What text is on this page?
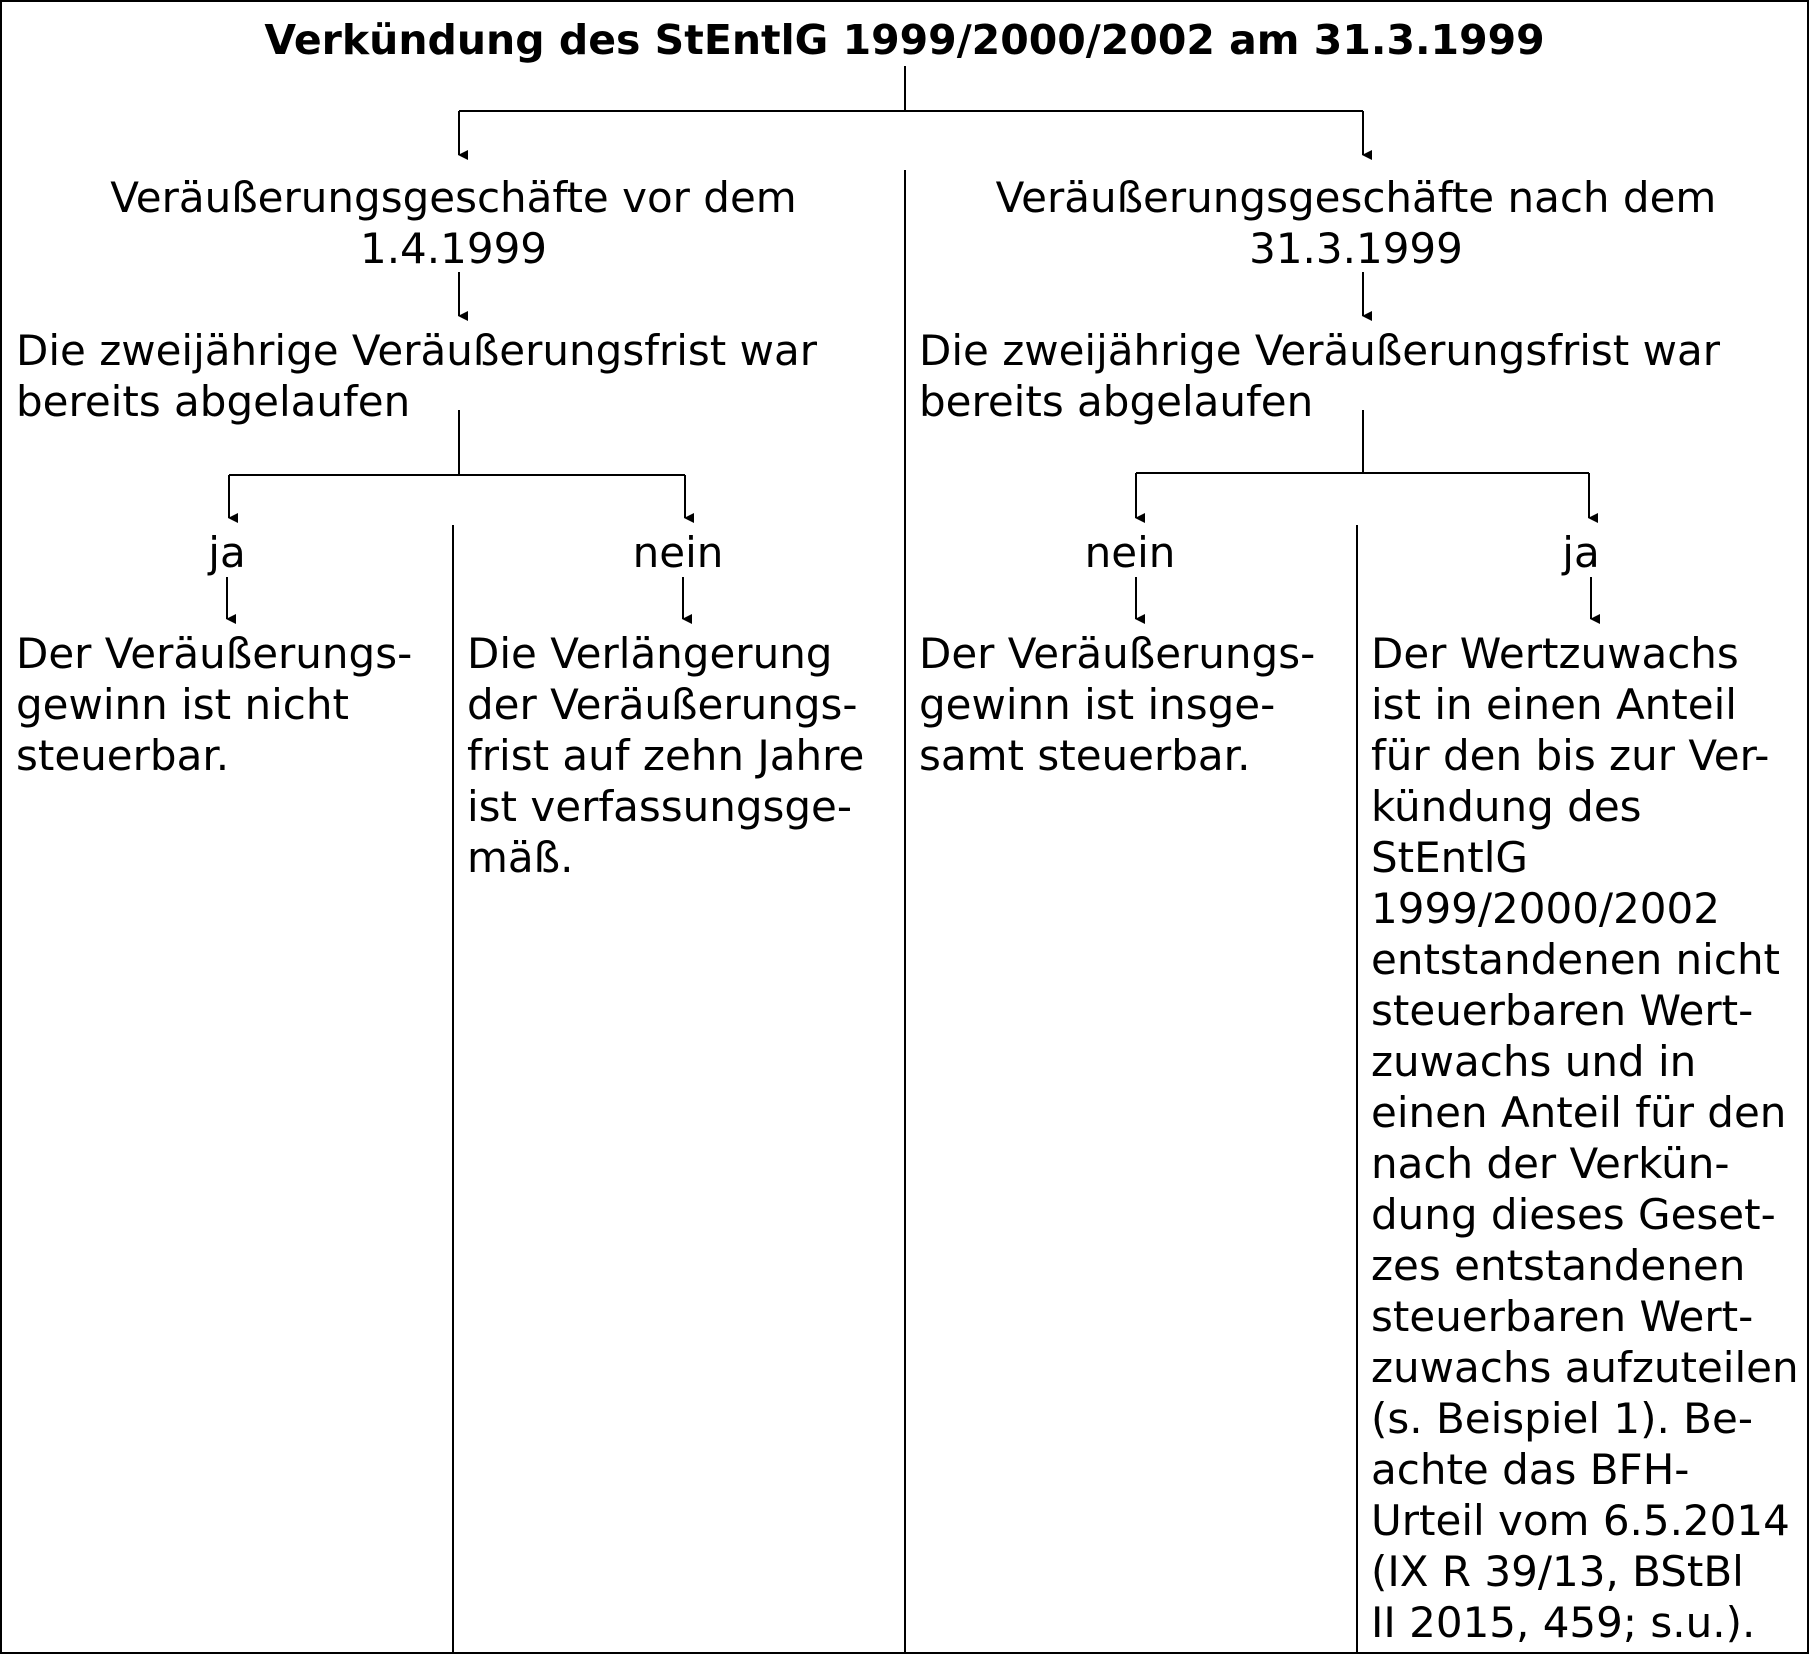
Verkündung des StEntlG 1999/2000/2002 am 31.3.1999
Veräußerungsgeschäfte vor dem
1.4.1999
Die zweijährige Veräußerungsfrist war
bereits abgelaufen
ja	nein
Der Veräußerungs-
gewinn ist nicht
steuerbar.
Die Verlängerung
der Veräußerungs-
frist auf zehn Jahre
ist verfassungsge-
mäß.
Veräußerungsgeschäfte nach dem
31.3.1999
Die zweijährige Veräußerungsfrist war
bereits abgelaufen
nein	ja
Der Veräußerungs-
gewinn ist insge-
samt steuerbar.
Der Wertzuwachs
ist in einen Anteil
für den bis zur Ver-
kündung des
StEntlG
1999/2000/2002
entstandenen nicht
steuerbaren Wert-
zuwachs und in
einen Anteil für den
nach der Verkün-
dung dieses Geset-
zes entstandenen
steuerbaren Wert-
zuwachs aufzuteilen
(s. Beispiel 1). Be-
achte das BFH-
Urteil vom 6.5.2014
(IX R 39/13, BStBl
II 2015, 459; s.u.).
